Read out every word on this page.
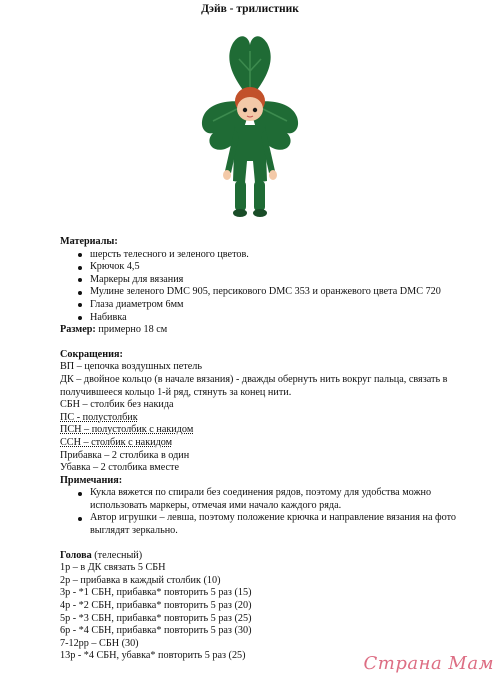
Дэйв - трилистник

Материалы:

шерсть телесного и зеленого цветов.
Крючок 4,5
Маркеры для вязания
Мулине зеленого DMC 905, персикового DMC 353 и оранжевого цвета DMC 720
Глаза диаметром 6мм
Набивка

Размер: примерно 18 см

Сокращения:

ВП – цепочка воздушных петель

ДК – двойное кольцо (в начале вязания) - дважды обернуть нить вокруг пальца, связать в получившееся кольцо 1-й ряд, стянуть за конец нити.

СБН – столбик без накида

ПС - полустолбик

ПСН – полустолбик с накидом

ССН – столбик с накидом

Прибавка – 2 столбика в один

Убавка – 2 столбика вместе

Примечания:

Кукла вяжется по спирали без соединения рядов, поэтому для удобства можно использовать маркеры, отмечая ими начало каждого ряда.
Автор игрушки – левша, поэтому положение крючка и направление вязания на фото выглядят зеркально.

Голова (телесный)

1р – в ДК связать 5 СБН

2р – прибавка в каждый столбик (10)

3р - *1 СБН, прибавка* повторить 5 раз (15)

4р - *2 СБН, прибавка* повторить 5 раз (20)

5р - *3 СБН, прибавка* повторить 5 раз (25)

6р - *4 СБН, прибавка* повторить 5 раз (30)

7-12рр – СБН (30)

13р - *4 СБН, убавка* повторить 5 раз (25)	Страна Мам
